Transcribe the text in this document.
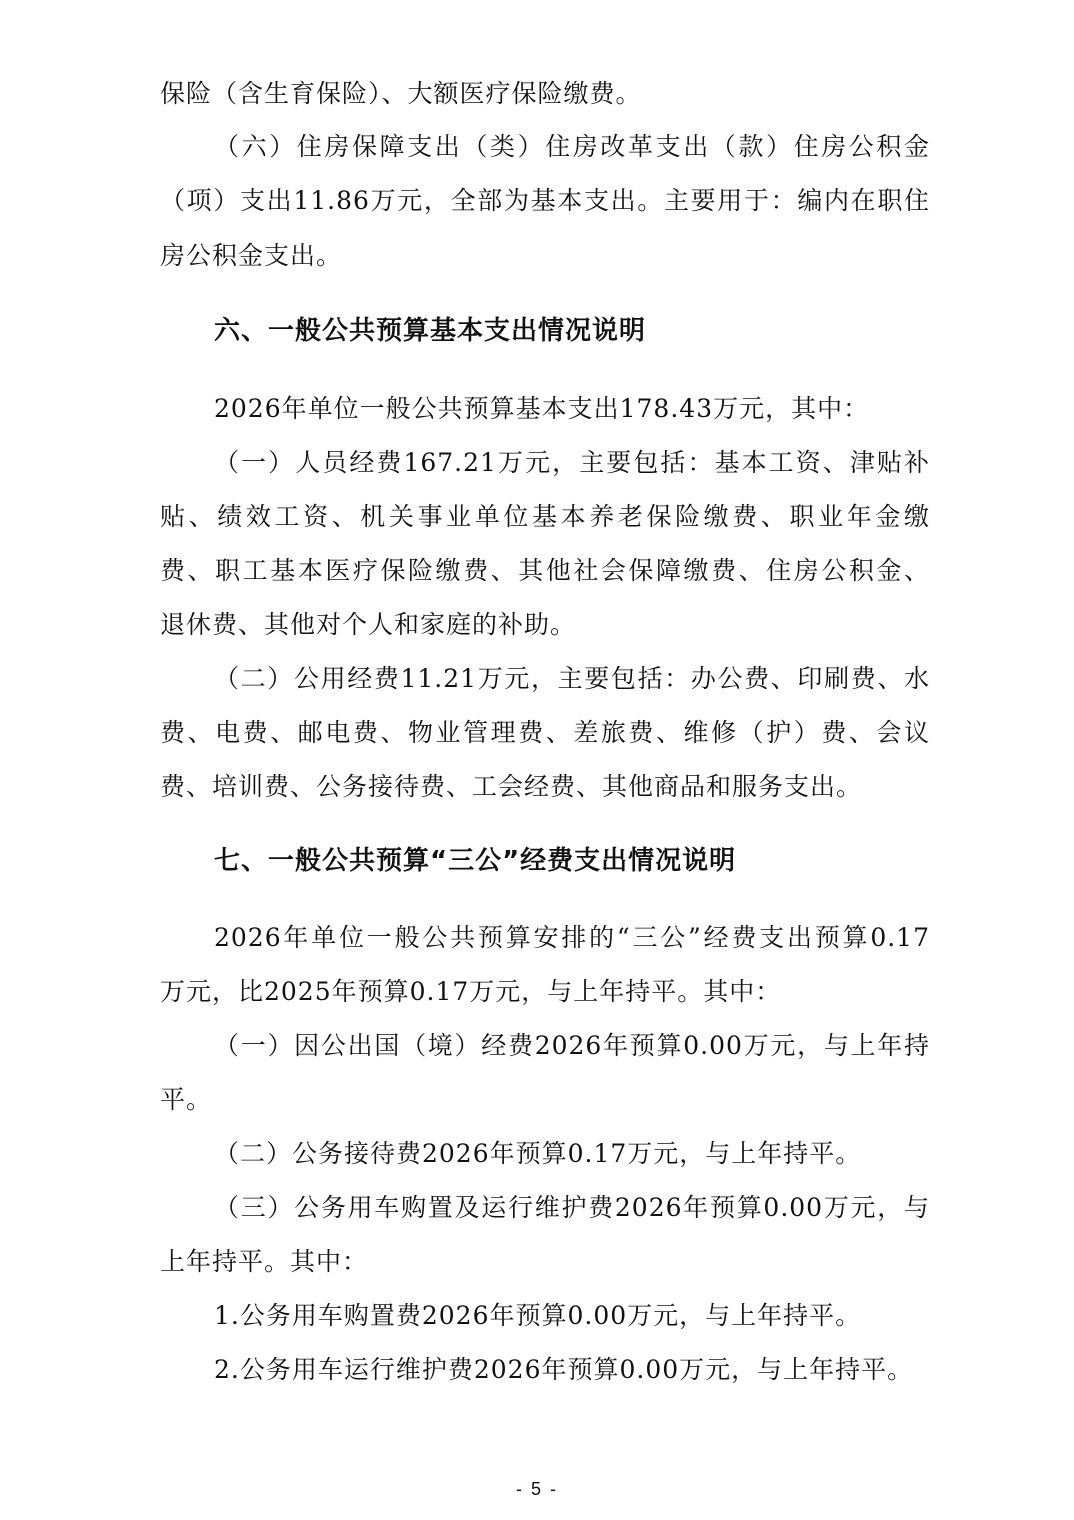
保险（含生育保险）、大额医疗保险缴费。
（六）住房保障支出（类）住房改革支出（款）住房公积金
（项）支出11.86万元，全部为基本支出。主要用于：编内在职住
房公积金支出。
六、一般公共预算基本支出情况说明
2026年单位一般公共预算基本支出178.43万元，其中：
（一）人员经费167.21万元，主要包括：基本工资、津贴补
贴、绩效工资、机关事业单位基本养老保险缴费、职业年金缴
费、职工基本医疗保险缴费、其他社会保障缴费、住房公积金、
退休费、其他对个人和家庭的补助。
（二）公用经费11.21万元，主要包括：办公费、印刷费、水
费、电费、邮电费、物业管理费、差旅费、维修（护）费、会议
费、培训费、公务接待费、工会经费、其他商品和服务支出。
七、一般公共预算“三公”经费支出情况说明
2026年单位一般公共预算安排的“三公”经费支出预算0.17
万元，比2025年预算0.17万元，与上年持平。其中：
（一）因公出国（境）经费2026年预算0.00万元，与上年持
平。
（二）公务接待费2026年预算0.17万元，与上年持平。
（三）公务用车购置及运行维护费2026年预算0.00万元，与
上年持平。其中：
1.公务用车购置费2026年预算0.00万元，与上年持平。
2.公务用车运行维护费2026年预算0.00万元，与上年持平。
- 5 -
